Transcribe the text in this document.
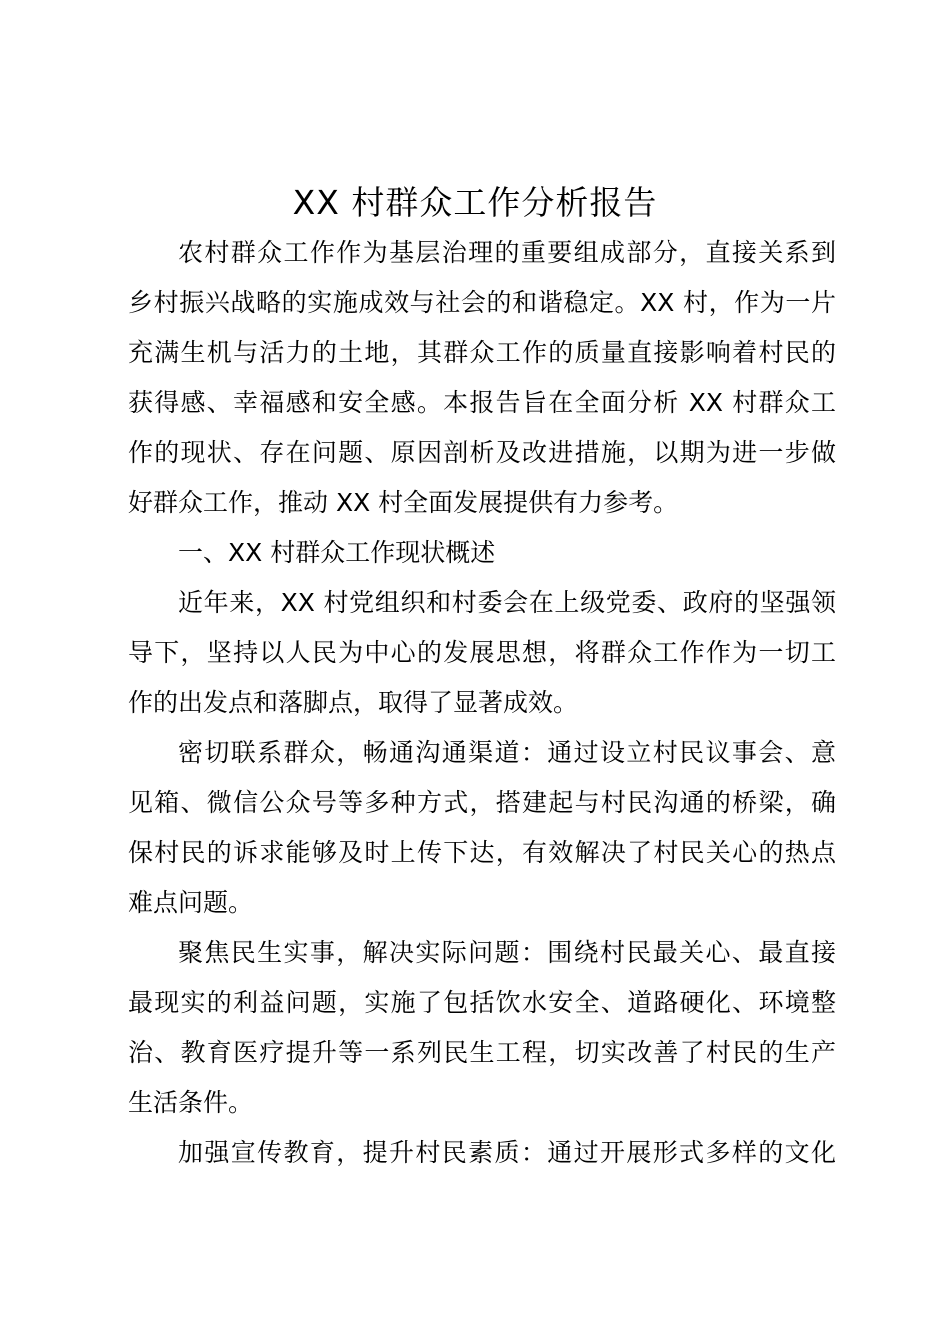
XX 村群众工作分析报告
农村群众工作作为基层治理的重要组成部分，直接关系到
乡村振兴战略的实施成效与社会的和谐稳定。XX 村，作为一片
充满生机与活力的土地，其群众工作的质量直接影响着村民的
获得感、幸福感和安全感。本报告旨在全面分析 XX 村群众工
作的现状、存在问题、原因剖析及改进措施，以期为进一步做
好群众工作，推动 XX 村全面发展提供有力参考。
一、XX 村群众工作现状概述
近年来，XX 村党组织和村委会在上级党委、政府的坚强领
导下，坚持以人民为中心的发展思想，将群众工作作为一切工
作的出发点和落脚点，取得了显著成效。
密切联系群众，畅通沟通渠道：通过设立村民议事会、意
见箱、微信公众号等多种方式，搭建起与村民沟通的桥梁，确
保村民的诉求能够及时上传下达，有效解决了村民关心的热点
难点问题。
聚焦民生实事，解决实际问题：围绕村民最关心、最直接
最现实的利益问题，实施了包括饮水安全、道路硬化、环境整
治、教育医疗提升等一系列民生工程，切实改善了村民的生产
生活条件。
加强宣传教育，提升村民素质：通过开展形式多样的文化
